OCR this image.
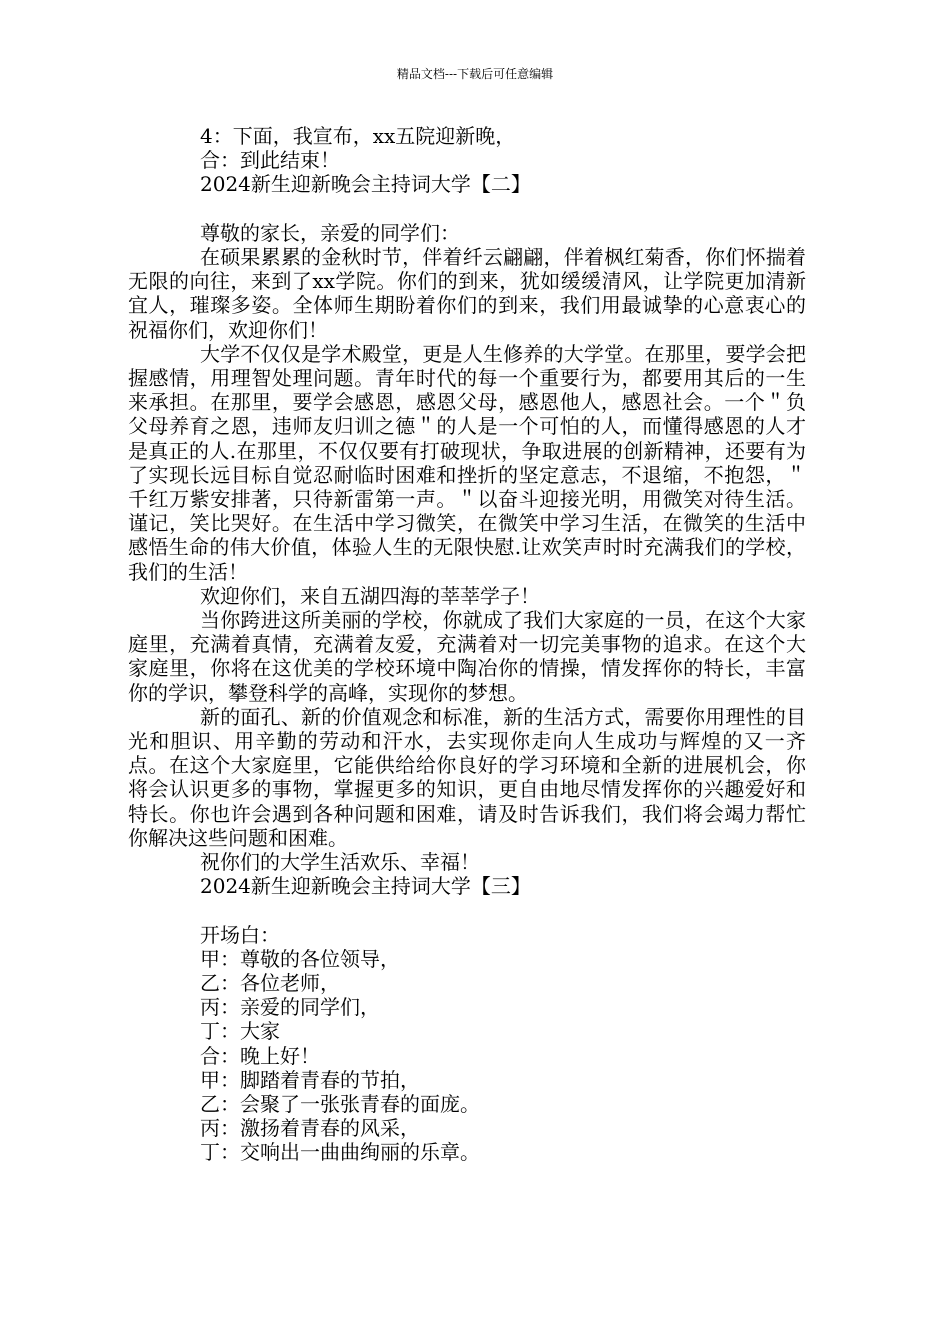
精品文档---下载后可任意编辑
4：下面，我宣布，xx五院迎新晚，
合：到此结束！
2024新生迎新晚会主持词大学【二】
尊敬的家长，亲爱的同学们：
在硕果累累的金秋时节，伴着纤云翩翩，伴着枫红菊香，你们怀揣着无限的向往，来到了xx学院。你们的到来，犹如缓缓清风，让学院更加清新宜人，璀璨多姿。全体师生期盼着你们的到来，我们用最诚挚的心意衷心的祝福你们，欢迎你们！
大学不仅仅是学术殿堂，更是人生修养的大学堂。在那里，要学会把握感情，用理智处理问题。青年时代的每一个重要行为，都要用其后的一生来承担。在那里，要学会感恩，感恩父母，感恩他人，感恩社会。一个＂负父母养育之恩，违师友归训之德＂的人是一个可怕的人，而懂得感恩的人才是真正的人.在那里，不仅仅要有打破现状，争取进展的创新精神，还要有为了实现长远目标自觉忍耐临时困难和挫折的坚定意志，不退缩，不抱怨，＂千红万紫安排著，只待新雷第一声。＂以奋斗迎接光明，用微笑对待生活。谨记，笑比哭好。在生活中学习微笑，在微笑中学习生活，在微笑的生活中感悟生命的伟大价值，体验人生的无限快慰.让欢笑声时时充满我们的学校，我们的生活！
欢迎你们，来自五湖四海的莘莘学子！
当你跨进这所美丽的学校，你就成了我们大家庭的一员，在这个大家庭里，充满着真情，充满着友爱，充满着对一切完美事物的追求。在这个大家庭里，你将在这优美的学校环境中陶冶你的情操，情发挥你的特长，丰富你的学识，攀登科学的高峰，实现你的梦想。
新的面孔、新的价值观念和标准，新的生活方式，需要你用理性的目光和胆识、用辛勤的劳动和汗水，去实现你走向人生成功与辉煌的又一齐点。在这个大家庭里，它能供给给你良好的学习环境和全新的进展机会，你将会认识更多的事物，掌握更多的知识，更自由地尽情发挥你的兴趣爱好和特长。你也许会遇到各种问题和困难，请及时告诉我们，我们将会竭力帮忙你解决这些问题和困难。
祝你们的大学生活欢乐、幸福！
2024新生迎新晚会主持词大学【三】
开场白：
甲：尊敬的各位领导，
乙：各位老师，
丙：亲爱的同学们，
丁：大家
合：晚上好！
甲：脚踏着青春的节拍，
乙：会聚了一张张青春的面庞。
丙：激扬着青春的风采，
丁：交响出一曲曲绚丽的乐章。
